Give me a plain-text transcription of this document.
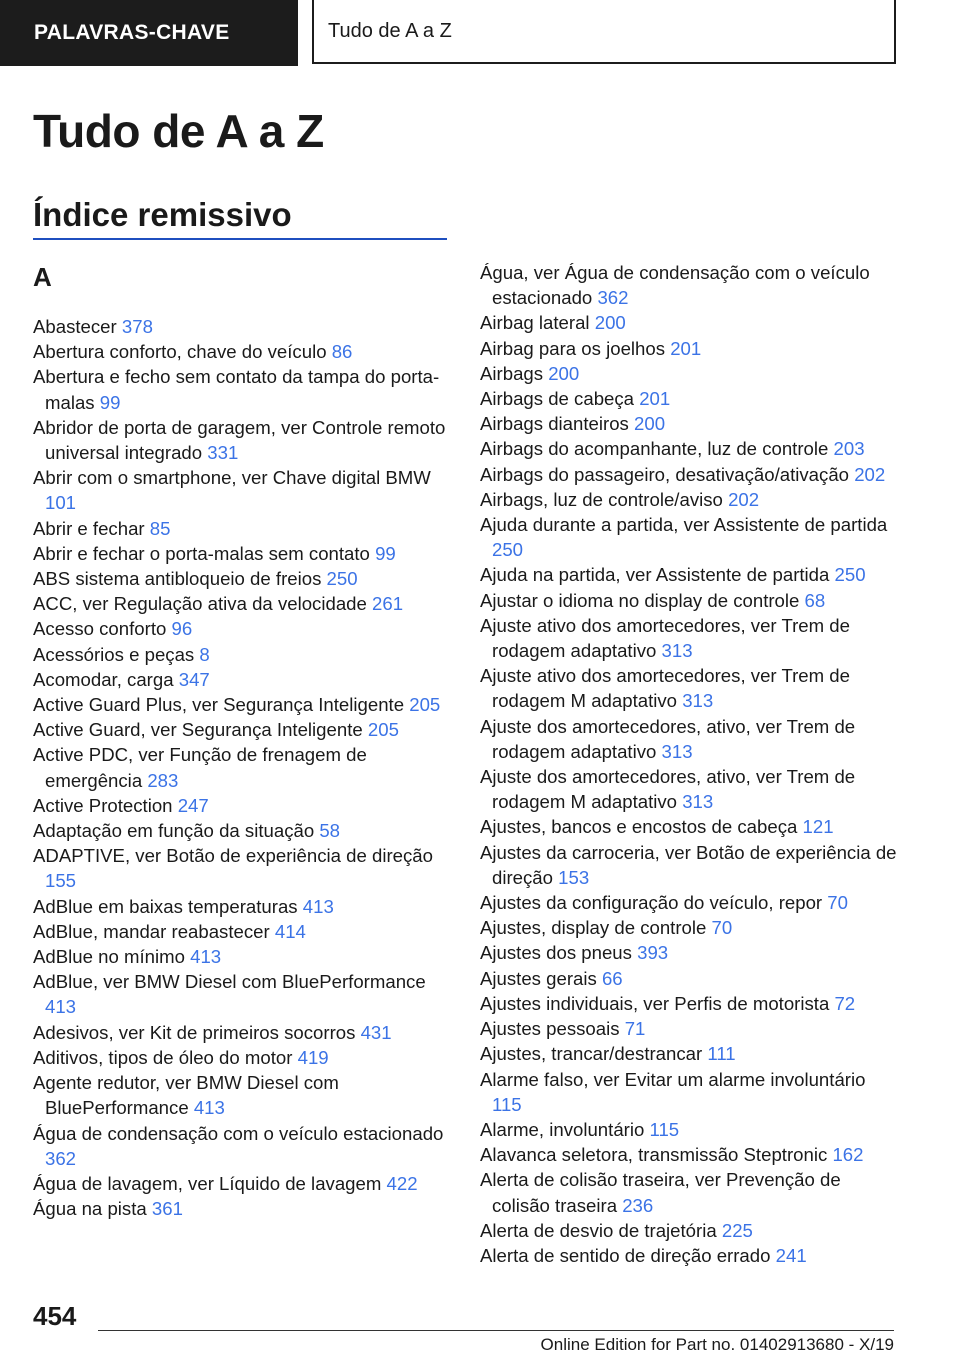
PALAVRAS-CHAVE	Tudo de A a Z
Tudo de A a Z
Índice remissivo
A
Abastecer 378
Abertura conforto, chave do veículo 86
Abertura e fecho sem contato da tampa do porta-malas 99
Abridor de porta de garagem, ver Controle remoto universal integrado 331
Abrir com o smartphone, ver Chave digital BMW 101
Abrir e fechar 85
Abrir e fechar o porta-malas sem contato 99
ABS sistema antibloqueio de freios 250
ACC, ver Regulação ativa da velocidade 261
Acesso conforto 96
Acessórios e peças 8
Acomodar, carga 347
Active Guard Plus, ver Segurança Inteligente 205
Active Guard, ver Segurança Inteligente 205
Active PDC, ver Função de frenagem de emergência 283
Active Protection 247
Adaptação em função da situação 58
ADAPTIVE, ver Botão de experiência de direção 155
AdBlue em baixas temperaturas 413
AdBlue, mandar reabastecer 414
AdBlue no mínimo 413
AdBlue, ver BMW Diesel com BluePerformance 413
Adesivos, ver Kit de primeiros socorros 431
Aditivos, tipos de óleo do motor 419
Agente redutor, ver BMW Diesel com BluePerformance 413
Água de condensação com o veículo estacionado 362
Água de lavagem, ver Líquido de lavagem 422
Água na pista 361
Água, ver Água de condensação com o veículo estacionado 362
Airbag lateral 200
Airbag para os joelhos 201
Airbags 200
Airbags de cabeça 201
Airbags dianteiros 200
Airbags do acompanhante, luz de controle 203
Airbags do passageiro, desativação/ativação 202
Airbags, luz de controle/aviso 202
Ajuda durante a partida, ver Assistente de partida 250
Ajuda na partida, ver Assistente de partida 250
Ajustar o idioma no display de controle 68
Ajuste ativo dos amortecedores, ver Trem de rodagem adaptativo 313
Ajuste ativo dos amortecedores, ver Trem de rodagem M adaptativo 313
Ajuste dos amortecedores, ativo, ver Trem de rodagem adaptativo 313
Ajuste dos amortecedores, ativo, ver Trem de rodagem M adaptativo 313
Ajustes, bancos e encostos de cabeça 121
Ajustes da carroceria, ver Botão de experiência de direção 153
Ajustes da configuração do veículo, repor 70
Ajustes, display de controle 70
Ajustes dos pneus 393
Ajustes gerais 66
Ajustes individuais, ver Perfis de motorista 72
Ajustes pessoais 71
Ajustes, trancar/destrancar 111
Alarme falso, ver Evitar um alarme involuntário 115
Alarme, involuntário 115
Alavanca seletora, transmissão Steptronic 162
Alerta de colisão traseira, ver Prevenção de colisão traseira 236
Alerta de desvio de trajetória 225
Alerta de sentido de direção errado 241
454
Online Edition for Part no. 01402913680 - X/19
